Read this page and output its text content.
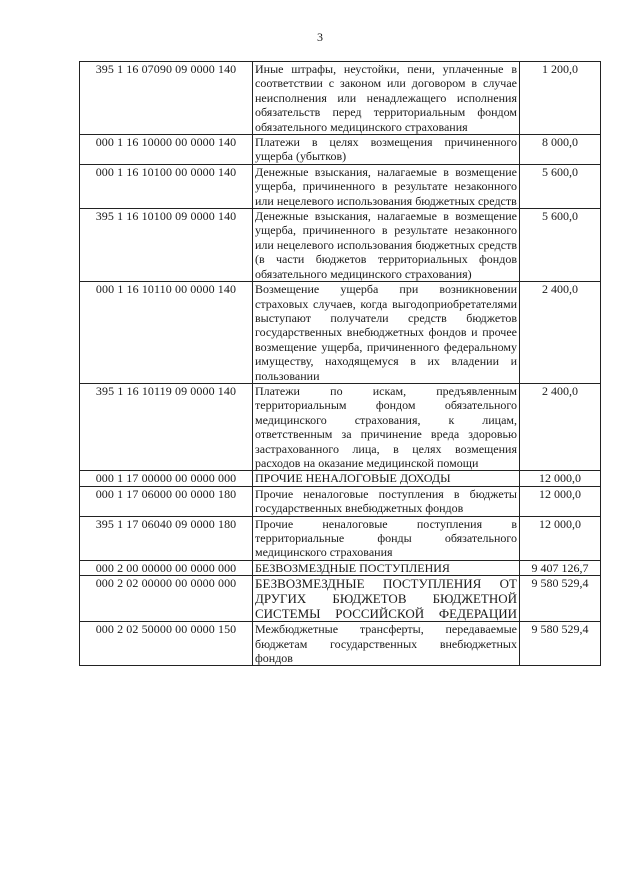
3
395 1 16 07090 09 0000 140	Иные штрафы, неустойки, пени, уплаченные в соответствии с законом или договором в случае неисполнения или ненадлежащего исполнения обязательств перед территориальным фондом обязательного медицинского страхования	1 200,0
000 1 16 10000 00 0000 140	Платежи в целях возмещения причиненного ущерба (убытков)	8 000,0
000 1 16 10100 00 0000 140	Денежные взыскания, налагаемые в возмещение ущерба, причиненного в результате незаконного или нецелевого использования бюджетных средств	5 600,0
395 1 16 10100 09 0000 140	Денежные взыскания, налагаемые в возмещение ущерба, причиненного в результате незаконного или нецелевого использования бюджетных средств (в части бюджетов территориальных фондов обязательного медицинского страхования)	5 600,0
000 1 16 10110 00 0000 140	Возмещение ущерба при возникновении страховых случаев, когда выгодоприобретателями выступают получатели средств бюджетов государственных внебюджетных фондов и прочее возмещение ущерба, причиненного федеральному имуществу, находящемуся в их владении и пользовании	2 400,0
395 1 16 10119 09 0000 140	Платежи по искам, предъявленным территориальным фондом обязательного медицинского страхования, к лицам, ответственным за причинение вреда здоровью застрахованного лица, в целях возмещения расходов на оказание медицинской помощи	2 400,0
000 1 17 00000 00 0000 000	ПРОЧИЕ НЕНАЛОГОВЫЕ ДОХОДЫ	12 000,0
000 1 17 06000 00 0000 180	Прочие неналоговые поступления в бюджеты государственных внебюджетных фондов	12 000,0
395 1 17 06040 09 0000 180	Прочие неналоговые поступления в территориальные фонды обязательного медицинского страхования	12 000,0
000 2 00 00000 00 0000 000	БЕЗВОЗМЕЗДНЫЕ ПОСТУПЛЕНИЯ	9 407 126,7
000 2 02 00000 00 0000 000	БЕЗВОЗМЕЗДНЫЕ ПОСТУПЛЕНИЯ ОТ ДРУГИХ БЮДЖЕТОВ БЮДЖЕТНОЙ СИСТЕМЫ РОССИЙСКОЙ ФЕДЕРАЦИИ	9 580 529,4
000 2 02 50000 00 0000 150	Межбюджетные трансферты, передаваемые бюджетам государственных внебюджетных фондов	9 580 529,4
